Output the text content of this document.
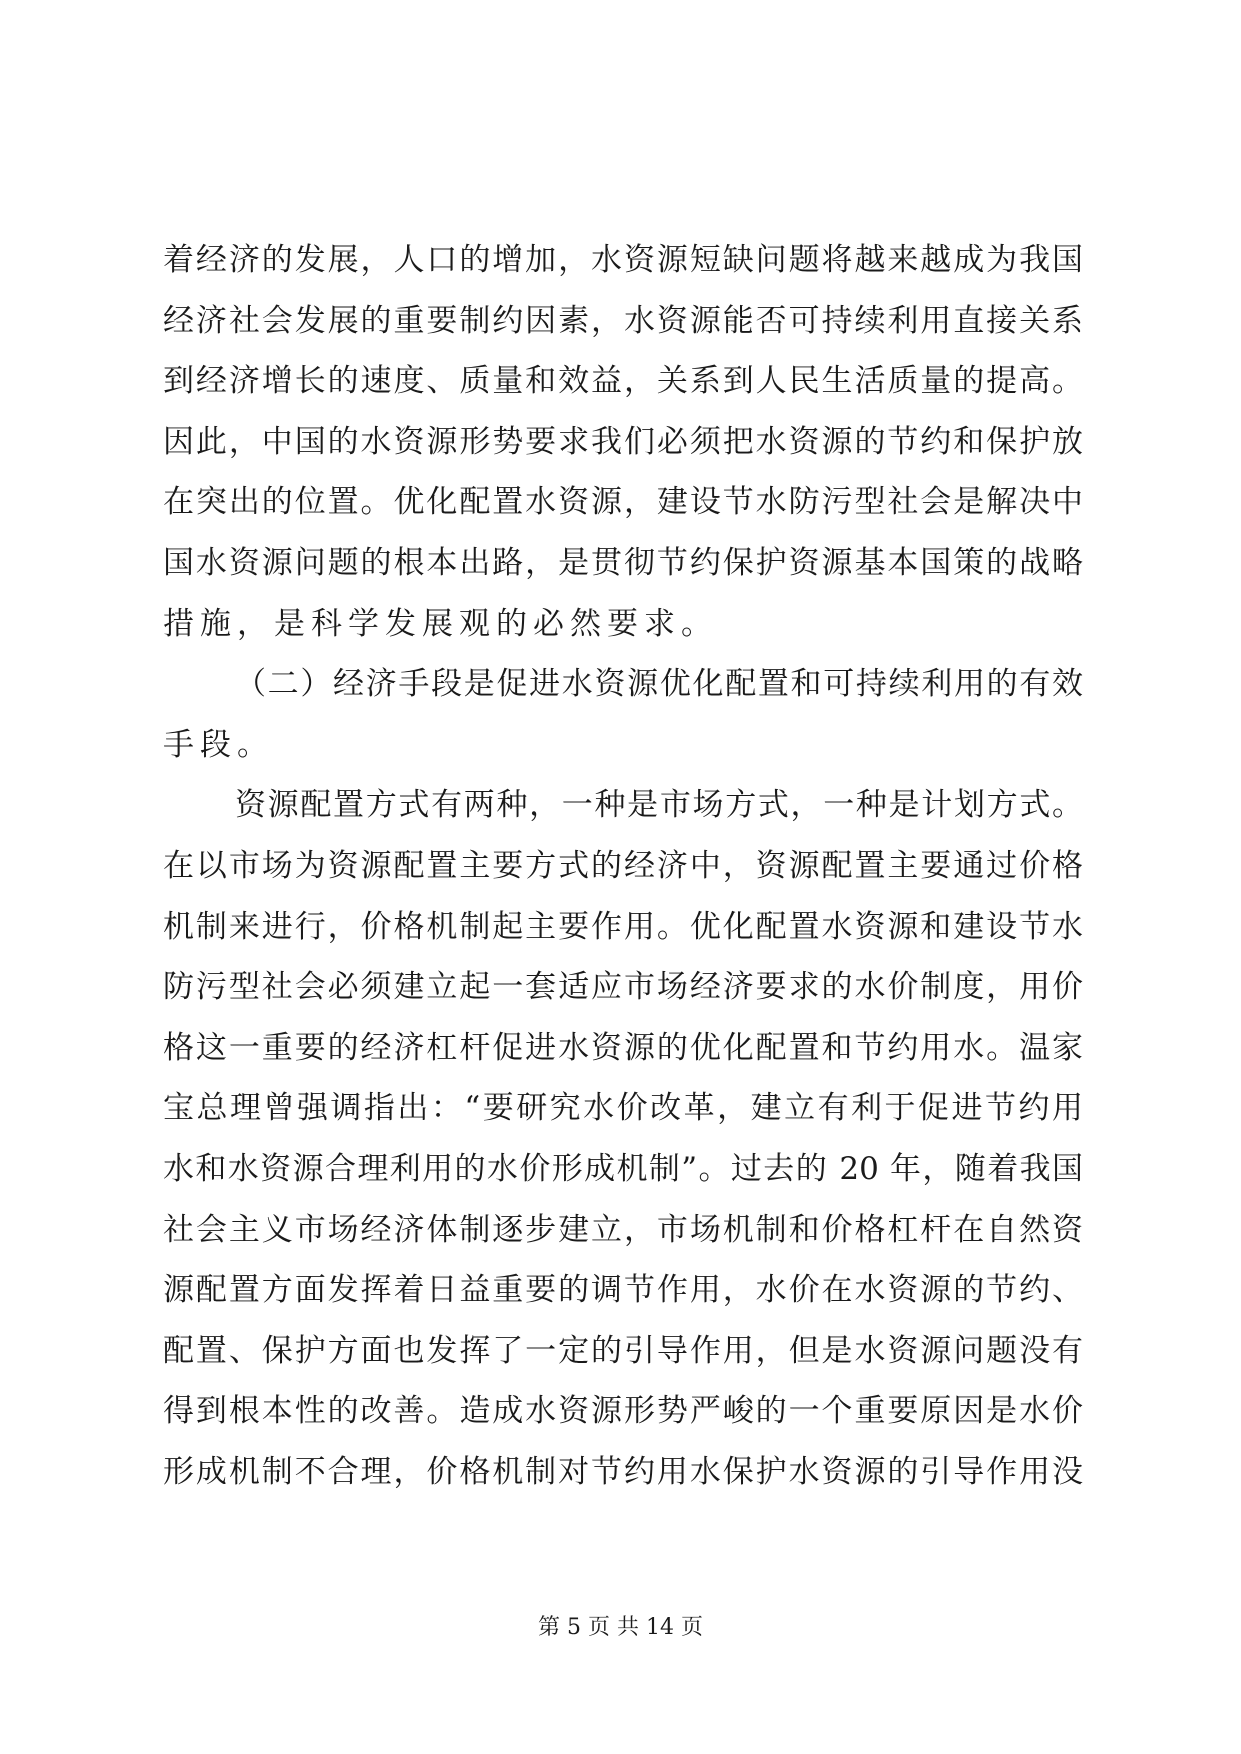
着经济的发展，人口的增加，水资源短缺问题将越来越成为我国
经济社会发展的重要制约因素，水资源能否可持续利用直接关系
到经济增长的速度、质量和效益，关系到人民生活质量的提高。
因此，中国的水资源形势要求我们必须把水资源的节约和保护放
在突出的位置。优化配置水资源，建设节水防污型社会是解决中
国水资源问题的根本出路，是贯彻节约保护资源基本国策的战略
措施，是科学发展观的必然要求。
（二）经济手段是促进水资源优化配置和可持续利用的有效
手段。
资源配置方式有两种，一种是市场方式，一种是计划方式。
在以市场为资源配置主要方式的经济中，资源配置主要通过价格
机制来进行，价格机制起主要作用。优化配置水资源和建设节水
防污型社会必须建立起一套适应市场经济要求的水价制度，用价
格这一重要的经济杠杆促进水资源的优化配置和节约用水。温家
宝总理曾强调指出：“要研究水价改革，建立有利于促进节约用
水和水资源合理利用的水价形成机制”。过去的 20 年，随着我国
社会主义市场经济体制逐步建立，市场机制和价格杠杆在自然资
源配置方面发挥着日益重要的调节作用，水价在水资源的节约、
配置、保护方面也发挥了一定的引导作用，但是水资源问题没有
得到根本性的改善。造成水资源形势严峻的一个重要原因是水价
形成机制不合理，价格机制对节约用水保护水资源的引导作用没
第 5 页 共 14 页
